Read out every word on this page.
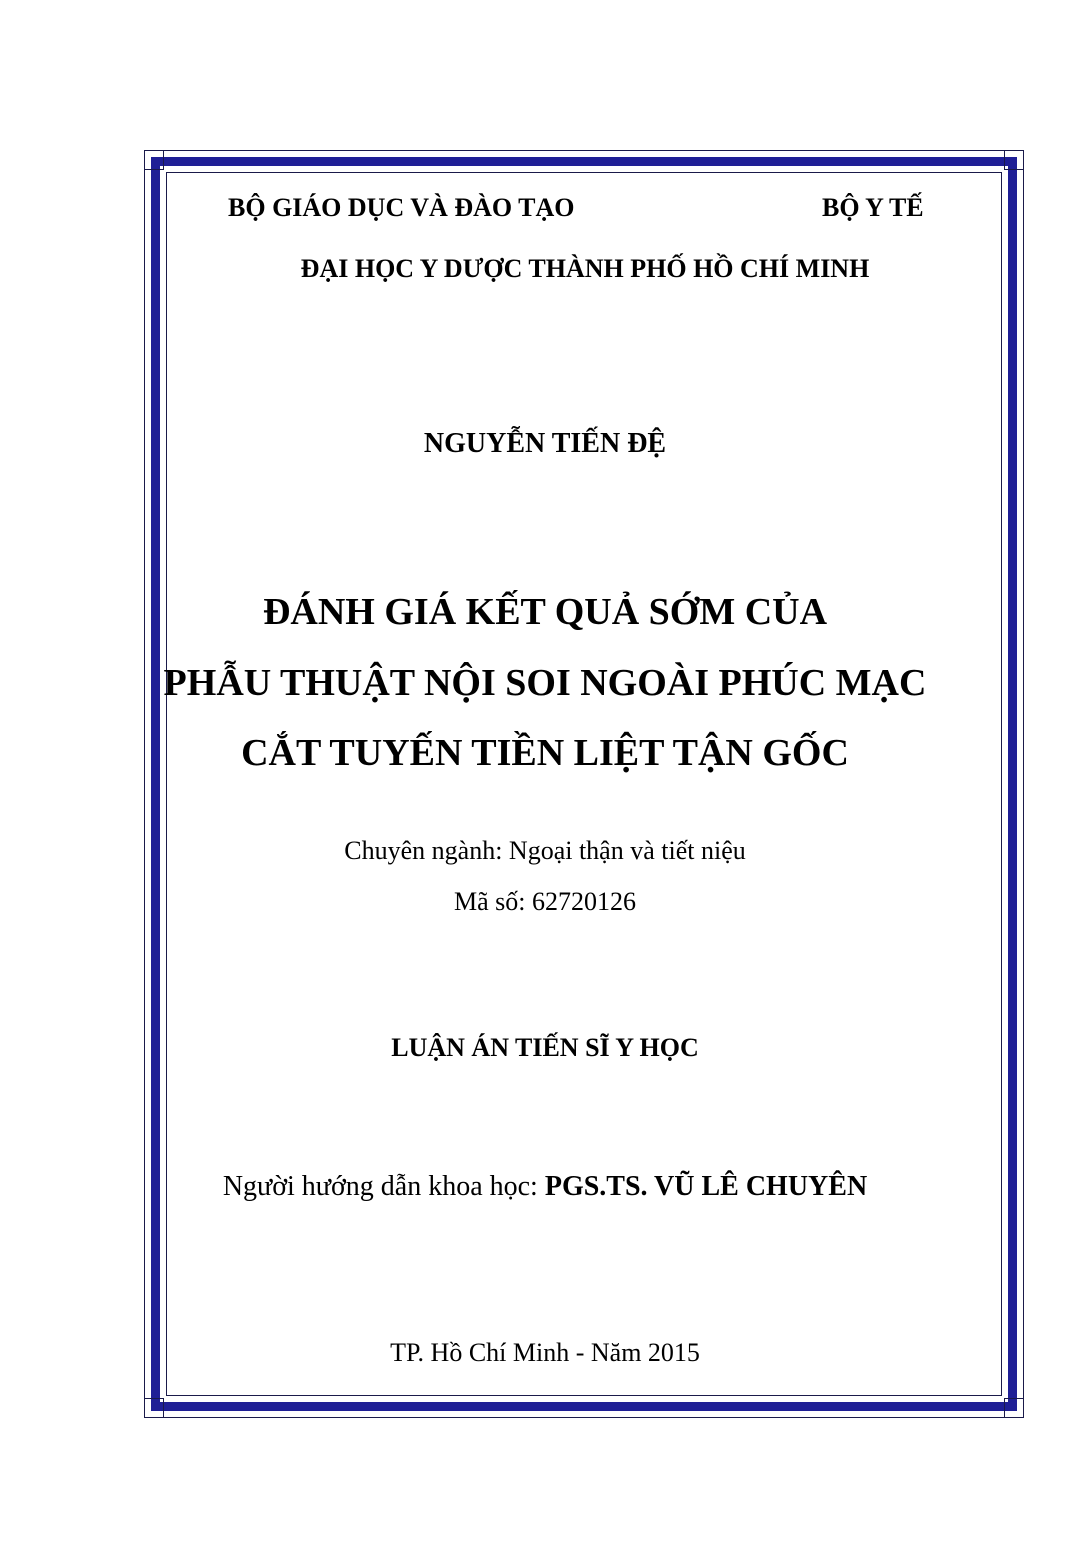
BỘ GIÁO DỤC VÀ ĐÀO TẠO	BỘ Y TẾ
ĐẠI HỌC Y DƯỢC THÀNH PHỐ HỒ CHÍ MINH
NGUYỄN TIẾN ĐỆ
ĐÁNH GIÁ KẾT QUẢ SỚM CỦA
PHẪU THUẬT NỘI SOI NGOÀI PHÚC MẠC
CẮT TUYẾN TIỀN LIỆT TẬN GỐC
Chuyên ngành: Ngoại thận và tiết niệu
Mã số: 62720126
LUẬN ÁN TIẾN SĨ Y HỌC
Người hướng dẫn khoa học: PGS.TS. VŨ LÊ CHUYÊN
TP. Hồ Chí Minh - Năm 2015
